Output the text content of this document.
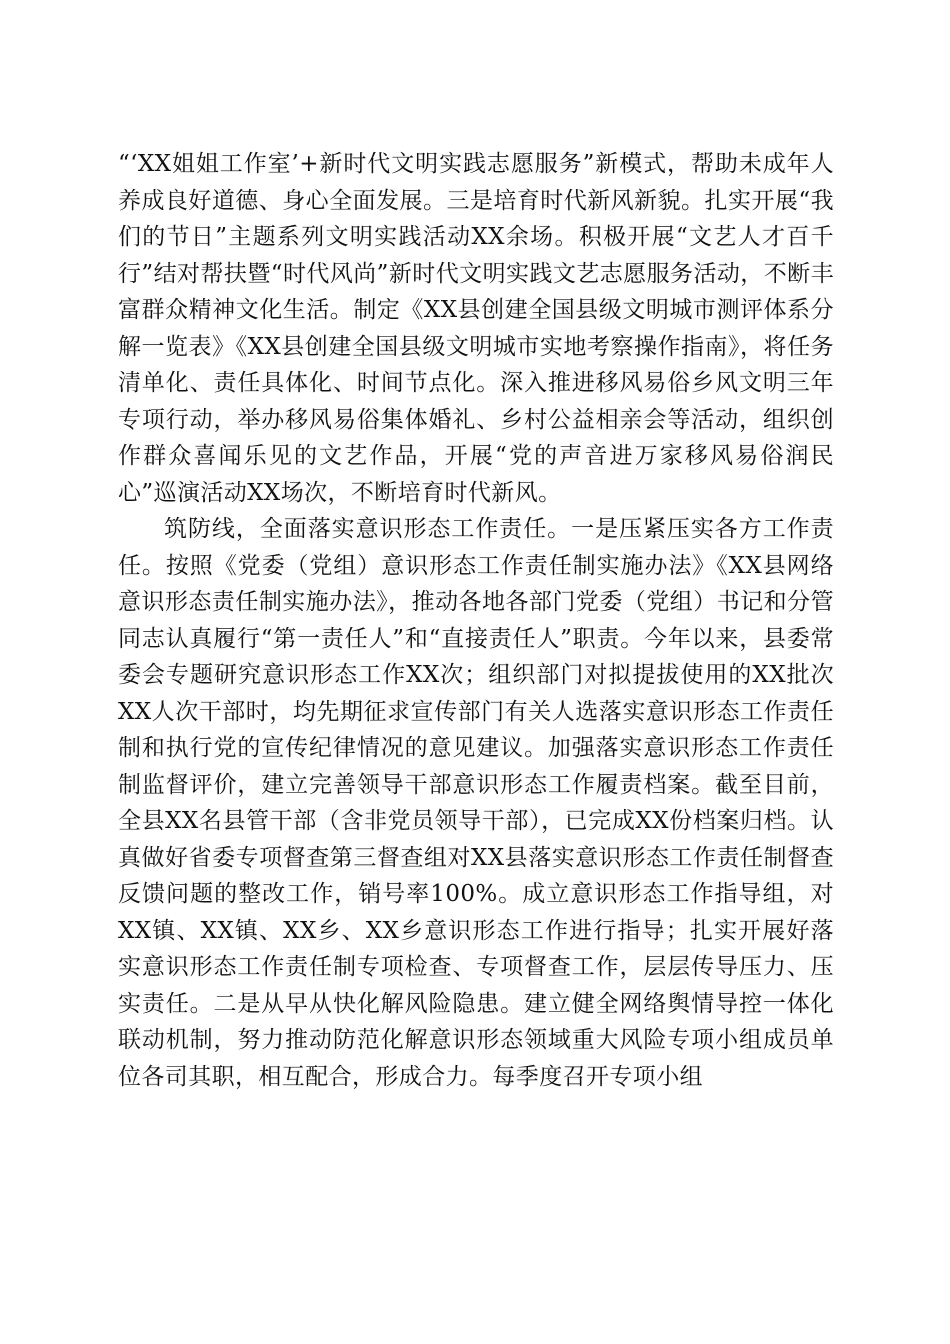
“‘XX姐姐工作室’+新时代文明实践志愿服务”新模式，帮助未成年人养成良好道德、身心全面发展。三是培育时代新风新貌。扎实开展“我们的节日”主题系列文明实践活动XX余场。积极开展“文艺人才百千行”结对帮扶暨“时代风尚”新时代文明实践文艺志愿服务活动，不断丰富群众精神文化生活。制定《XX县创建全国县级文明城市测评体系分解一览表》《XX县创建全国县级文明城市实地考察操作指南》，将任务清单化、责任具体化、时间节点化。深入推进移风易俗乡风文明三年专项行动，举办移风易俗集体婚礼、乡村公益相亲会等活动，组织创作群众喜闻乐见的文艺作品，开展“党的声音进万家移风易俗润民心”巡演活动XX场次，不断培育时代新风。

筑防线，全面落实意识形态工作责任。一是压紧压实各方工作责任。按照《党委（党组）意识形态工作责任制实施办法》《XX县网络意识形态责任制实施办法》，推动各地各部门党委（党组）书记和分管同志认真履行“第一责任人”和“直接责任人”职责。今年以来，县委常委会专题研究意识形态工作XX次；组织部门对拟提拔使用的XX批次XX人次干部时，均先期征求宣传部门有关人选落实意识形态工作责任制和执行党的宣传纪律情况的意见建议。加强落实意识形态工作责任制监督评价，建立完善领导干部意识形态工作履责档案。截至目前，全县XX名县管干部（含非党员领导干部），已完成XX份档案归档。认真做好省委专项督查第三督查组对XX县落实意识形态工作责任制督查反馈问题的整改工作，销号率100%。成立意识形态工作指导组，对XX镇、XX镇、XX乡、XX乡意识形态工作进行指导；扎实开展好落实意识形态工作责任制专项检查、专项督查工作，层层传导压力、压实责任。二是从早从快化解风险隐患。建立健全网络舆情导控一体化联动机制，努力推动防范化解意识形态领域重大风险专项小组成员单位各司其职，相互配合，形成合力。每季度召开专项小组
